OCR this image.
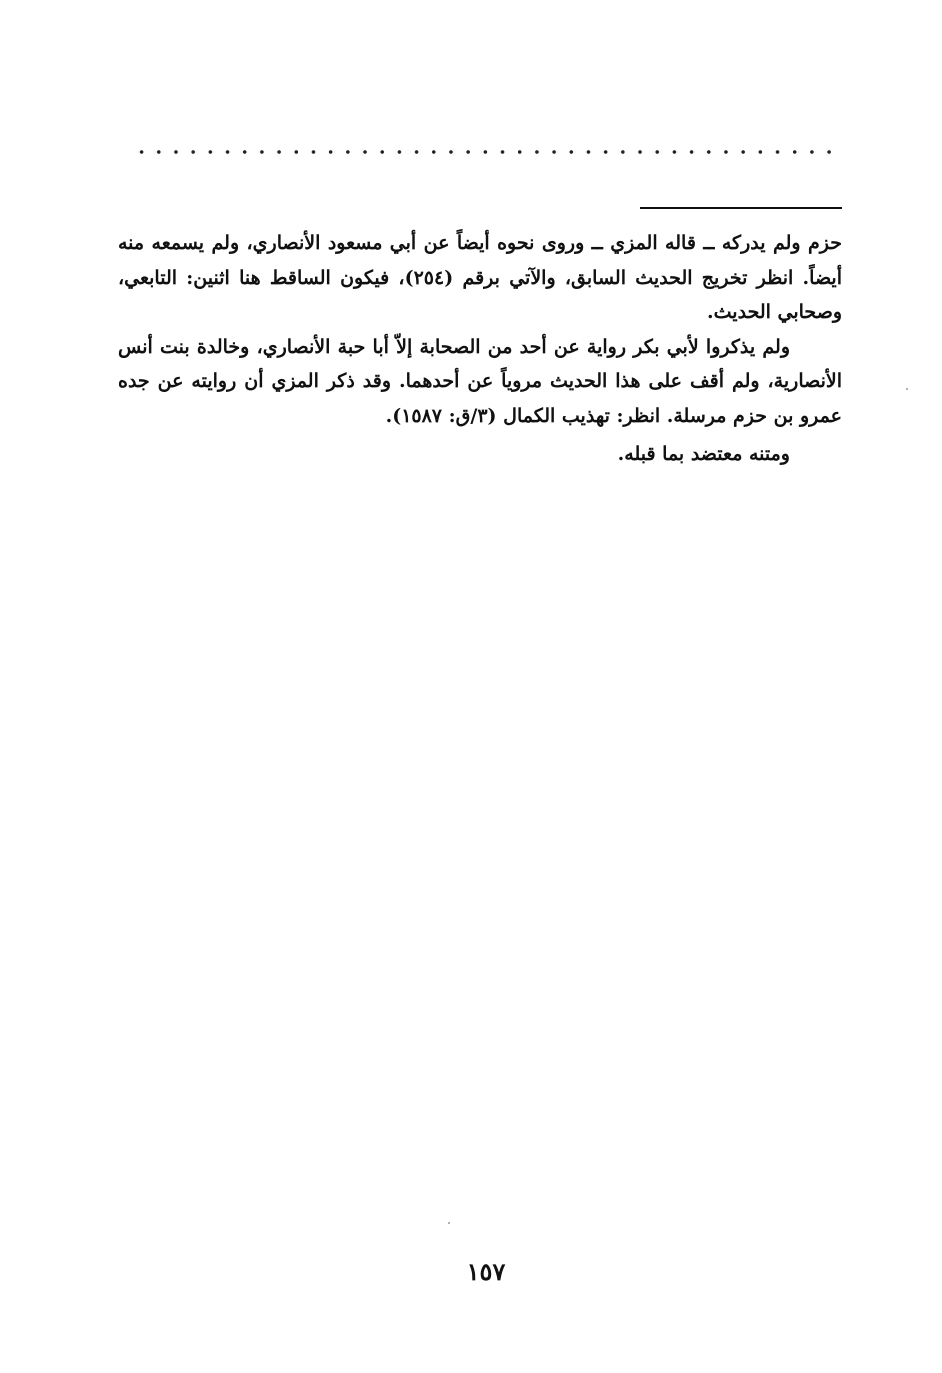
حزم ولم يدركه ــ قاله المزي ــ وروى نحوه أيضاً عن أبي مسعود الأنصاري، ولم يسمعه منه أيضاً. انظر تخريج الحديث السابق، والآتي برقم (٢٥٤)، فيكون الساقط هنا اثنين: التابعي، وصحابي الحديث.

ولم يذكروا لأبي بكر رواية عن أحد من الصحابة إلاّ أبا حبة الأنصاري، وخالدة بنت أنس الأنصارية، ولم أقف على هذا الحديث مروياً عن أحدهما. وقد ذكر المزي أن روايته عن جده عمرو بن حزم مرسلة. انظر: تهذيب الكمال (٣/ق: ١٥٨٧).

ومتنه معتضد بما قبله.

١٥٧
